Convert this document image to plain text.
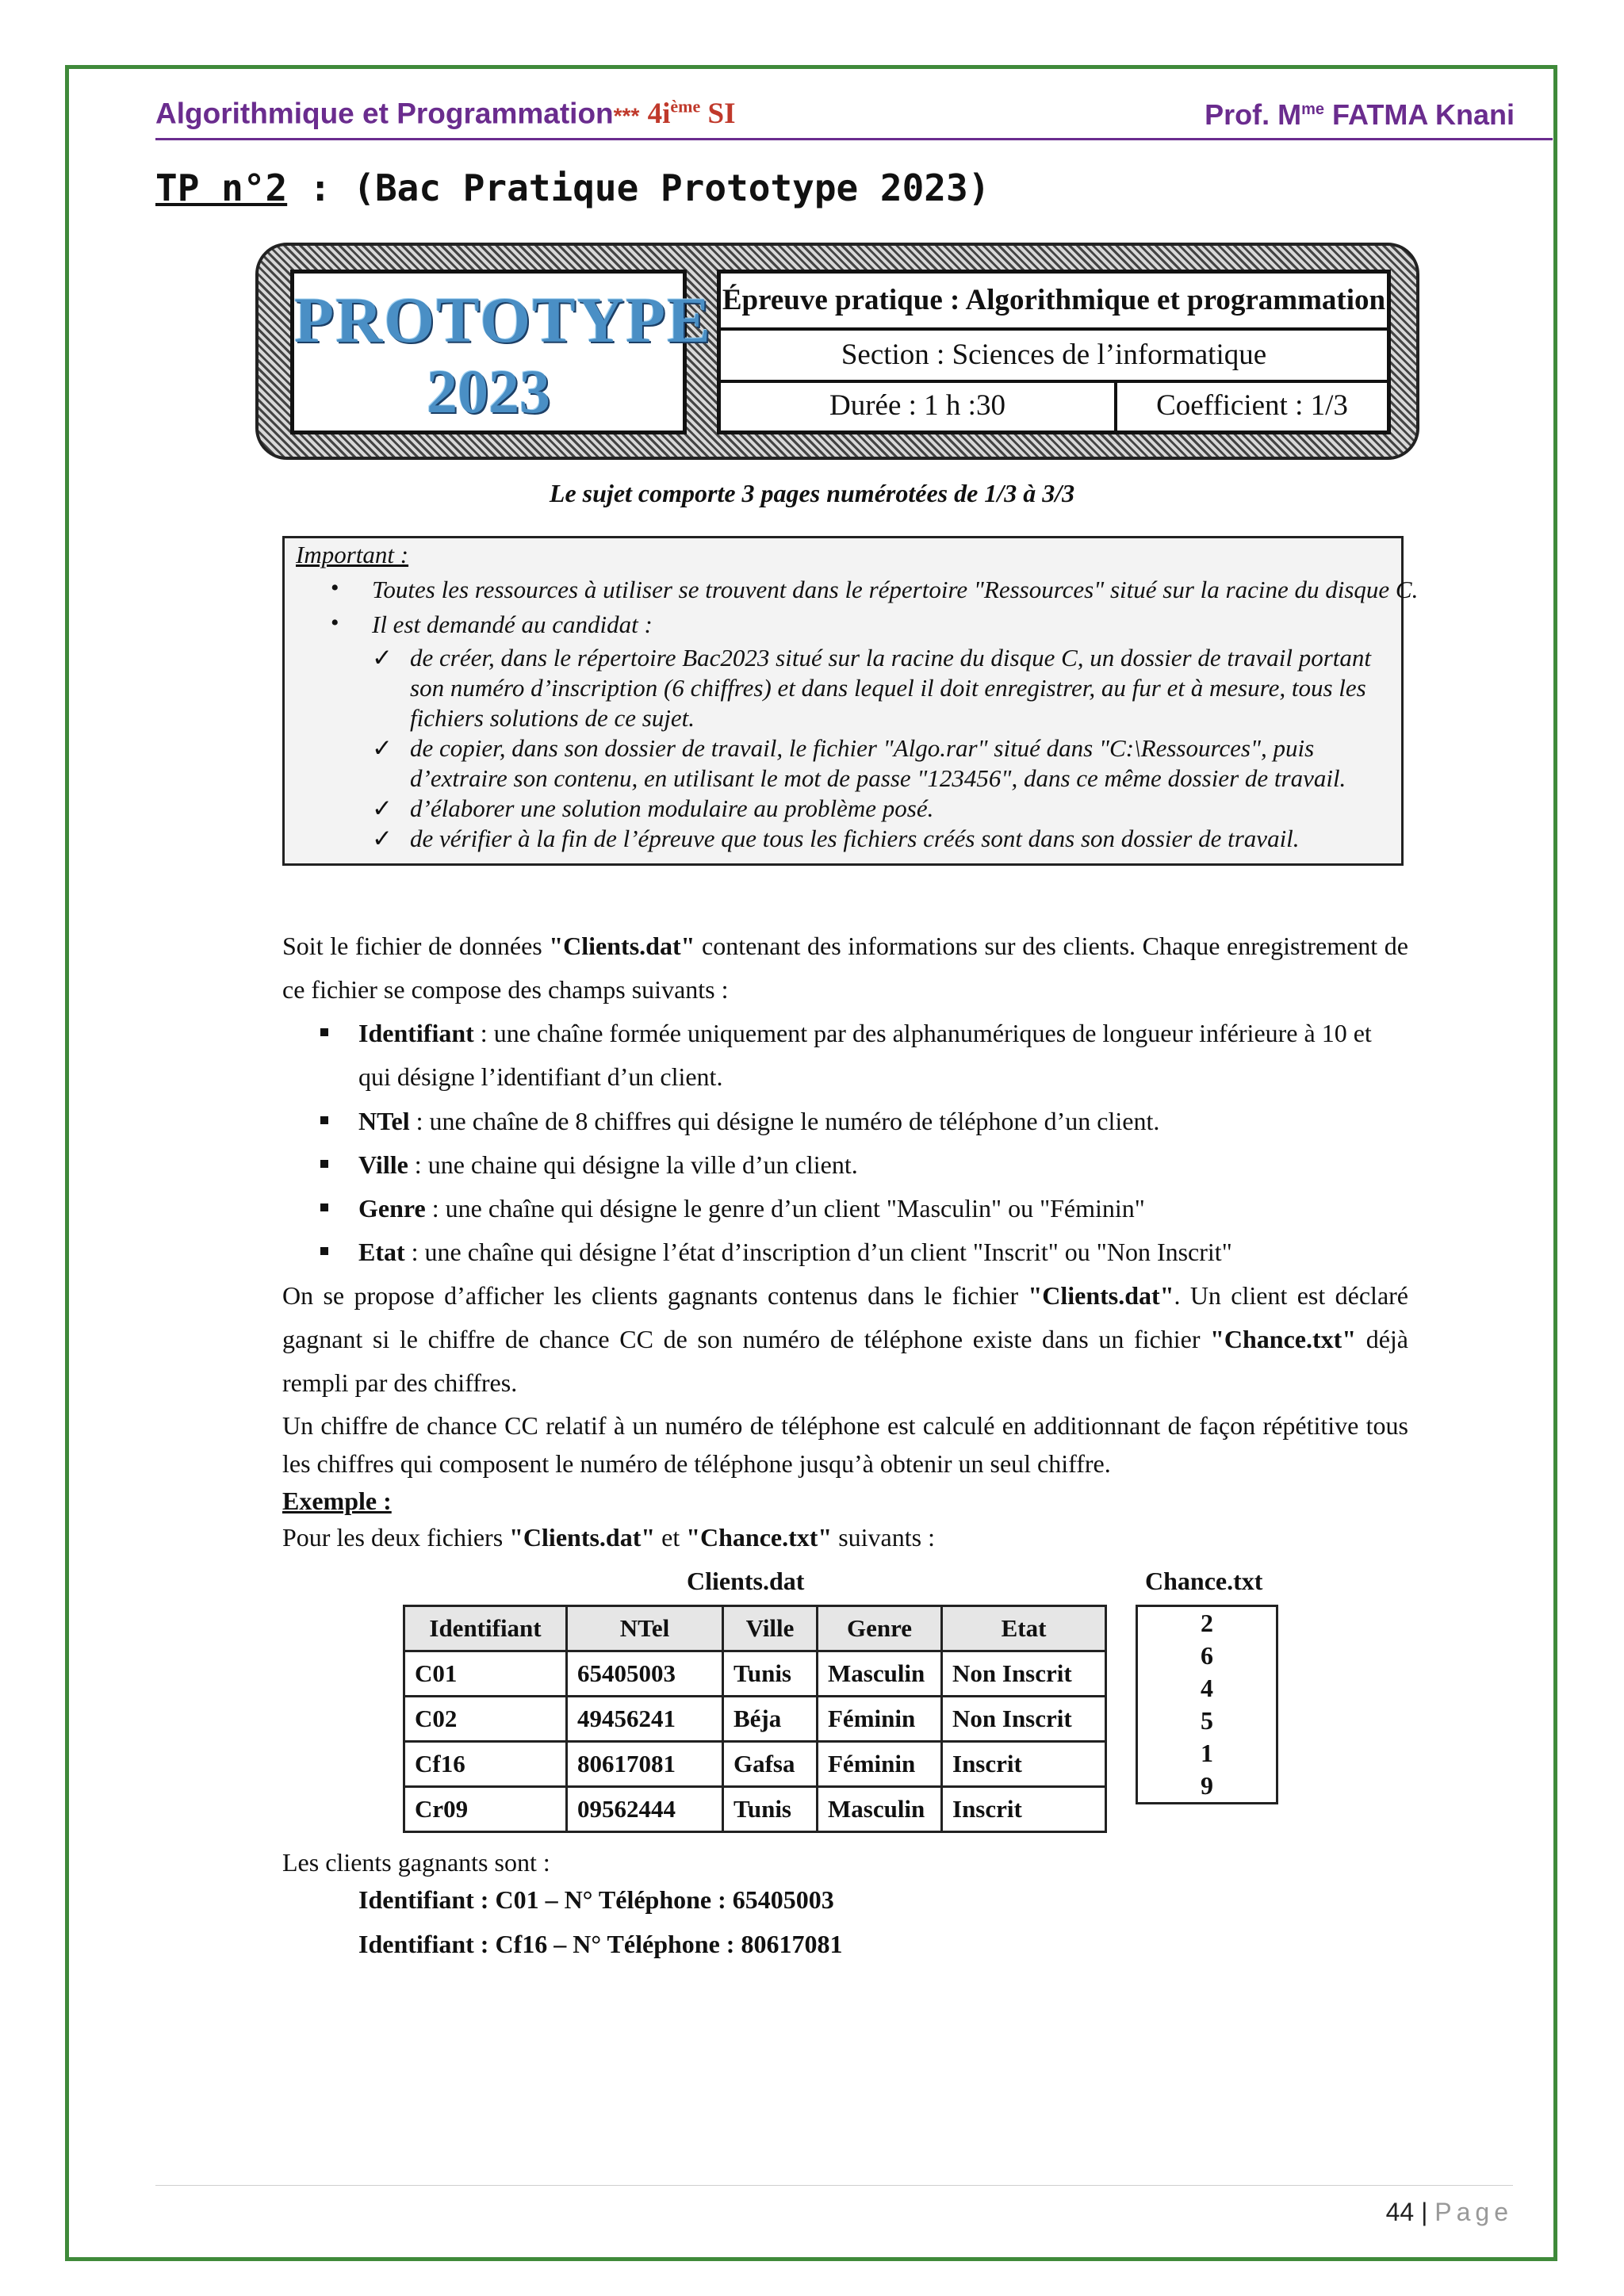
Algorithmique et Programmation*** $4i^{ème}$ SI	Prof. $M^{me}$ FATMA Knani
TP n°2 : (Bac Pratique Prototype 2023)
PROTOTYPE
2023
Épreuve pratique : Algorithmique et programmation
Section : Sciences de l’informatique
Durée : 1 h :30	Coefficient : 1/3
Le sujet comporte 3 pages numérotées de 1/3 à 3/3
Important :
• Toutes les ressources à utiliser se trouvent dans le répertoire "Ressources" situé sur la racine du disque C.
• Il est demandé au candidat :
✓ de créer, dans le répertoire Bac2023 situé sur la racine du disque C, un dossier de travail portant son numéro d’inscription (6 chiffres) et dans lequel il doit enregistrer, au fur et à mesure, tous les fichiers solutions de ce sujet.
✓ de copier, dans son dossier de travail, le fichier "Algo.rar" situé dans "C:\Ressources", puis d’extraire son contenu, en utilisant le mot de passe "123456", dans ce même dossier de travail.
✓ d’élaborer une solution modulaire au problème posé.
✓ de vérifier à la fin de l’épreuve que tous les fichiers créés sont dans son dossier de travail.
Soit le fichier de données "Clients.dat" contenant des informations sur des clients. Chaque enregistrement de ce fichier se compose des champs suivants :
Identifiant : une chaîne formée uniquement par des alphanumériques de longueur inférieure à 10 et qui désigne l’identifiant d’un client.
NTel : une chaîne de 8 chiffres qui désigne le numéro de téléphone d’un client.
Ville : une chaine qui désigne la ville d’un client.
Genre : une chaîne qui désigne le genre d’un client "Masculin" ou "Féminin"
Etat : une chaîne qui désigne l’état d’inscription d’un client "Inscrit" ou "Non Inscrit"
On se propose d’afficher les clients gagnants contenus dans le fichier "Clients.dat". Un client est déclaré gagnant si le chiffre de chance CC de son numéro de téléphone existe dans un fichier "Chance.txt" déjà rempli par des chiffres.
Un chiffre de chance CC relatif à un numéro de téléphone est calculé en additionnant de façon répétitive tous les chiffres qui composent le numéro de téléphone jusqu’à obtenir un seul chiffre.
Exemple :
Pour les deux fichiers "Clients.dat" et "Chance.txt" suivants :
Clients.dat	Chance.txt
Identifiant	NTel	Ville	Genre	Etat
C01	65405003	Tunis	Masculin	Non Inscrit
C02	49456241	Béja	Féminin	Non Inscrit
Cf16	80617081	Gafsa	Féminin	Inscrit
Cr09	09562444	Tunis	Masculin	Inscrit
2
6
4
5
1
9
Les clients gagnants sont :
Identifiant : C01 – N° Téléphone : 65405003
Identifiant : Cf16 – N° Téléphone : 80617081
44 | Page
